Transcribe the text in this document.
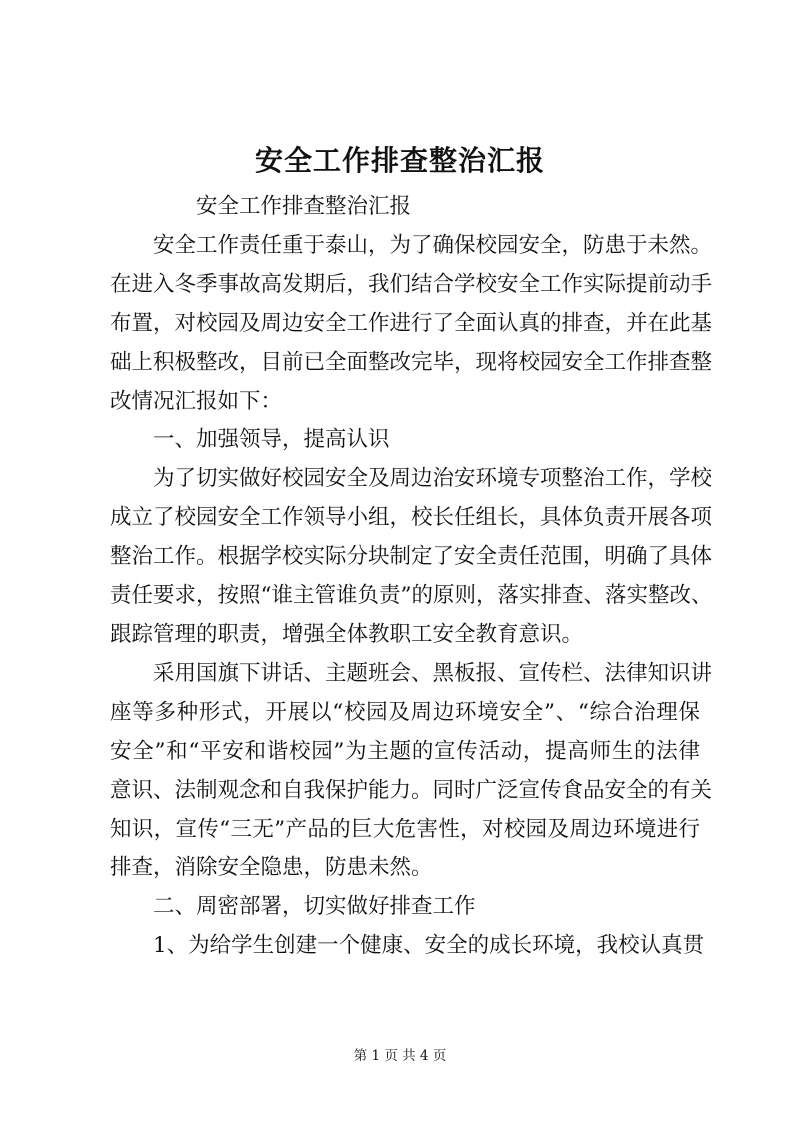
安全工作排查整治汇报

安全工作排查整治汇报

安全工作责任重于泰山，为了确保校园安全，防患于未然。
在进入冬季事故高发期后，我们结合学校安全工作实际提前动手
布置，对校园及周边安全工作进行了全面认真的排查，并在此基
础上积极整改，目前已全面整改完毕，现将校园安全工作排查整
改情况汇报如下：

一、加强领导，提高认识

为了切实做好校园安全及周边治安环境专项整治工作，学校
成立了校园安全工作领导小组，校长任组长，具体负责开展各项
整治工作。根据学校实际分块制定了安全责任范围，明确了具体
责任要求，按照“谁主管谁负责”的原则，落实排查、落实整改、
跟踪管理的职责，增强全体教职工安全教育意识。

采用国旗下讲话、主题班会、黑板报、宣传栏、法律知识讲
座等多种形式，开展以“校园及周边环境安全”、“综合治理保
安全”和“平安和谐校园”为主题的宣传活动，提高师生的法律
意识、法制观念和自我保护能力。同时广泛宣传食品安全的有关
知识，宣传“三无”产品的巨大危害性，对校园及周边环境进行
排查，消除安全隐患，防患未然。

二、周密部署，切实做好排查工作

1、为给学生创建一个健康、安全的成长环境，我校认真贯

第 1 页 共 4 页
